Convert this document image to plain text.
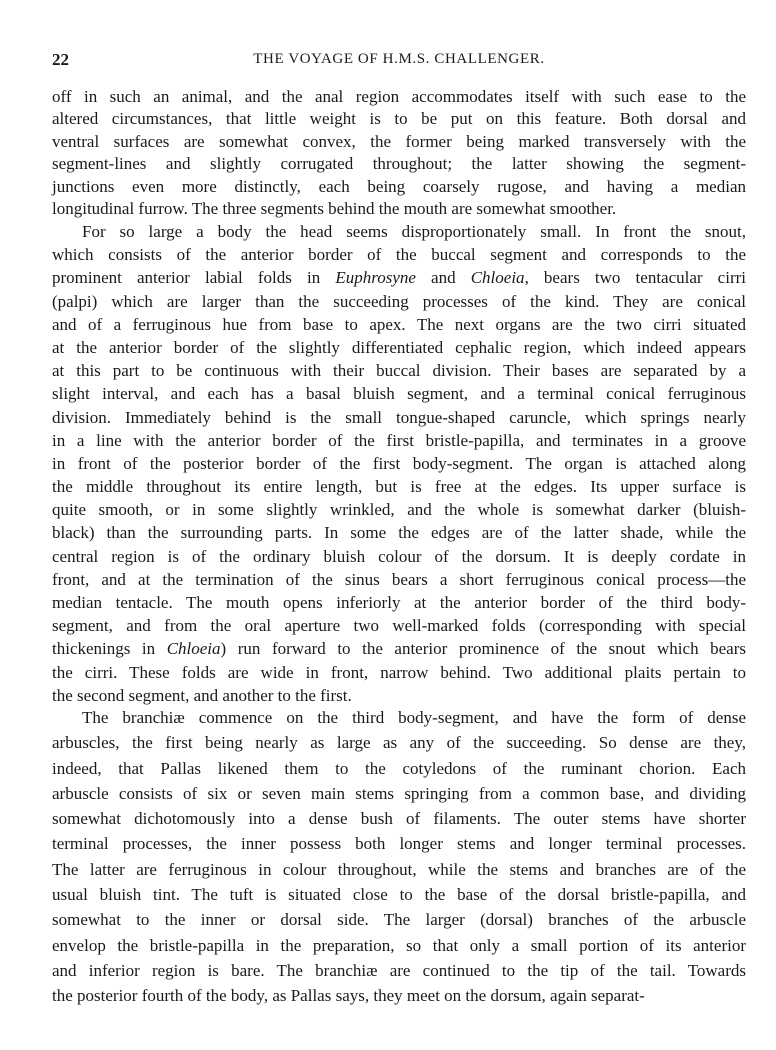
22	THE VOYAGE OF H.M.S. CHALLENGER.
off in such an animal, and the anal region accommodates itself with such ease to the
altered circumstances, that little weight is to be put on this feature. Both dorsal and
ventral surfaces are somewhat convex, the former being marked transversely with the
segment-lines and slightly corrugated throughout; the latter showing the segment-
junctions even more distinctly, each being coarsely rugose, and having a median
longitudinal furrow. The three segments behind the mouth are somewhat smoother.
For so large a body the head seems disproportionately small. In front the snout,
which consists of the anterior border of the buccal segment and corresponds to the
prominent anterior labial folds in Euphrosyne and Chloeia, bears two tentacular cirri
(palpi) which are larger than the succeeding processes of the kind. They are conical
and of a ferruginous hue from base to apex. The next organs are the two cirri situated
at the anterior border of the slightly differentiated cephalic region, which indeed appears
at this part to be continuous with their buccal division. Their bases are separated by a
slight interval, and each has a basal bluish segment, and a terminal conical ferruginous
division. Immediately behind is the small tongue-shaped caruncle, which springs nearly
in a line with the anterior border of the first bristle-papilla, and terminates in a groove
in front of the posterior border of the first body-segment. The organ is attached along
the middle throughout its entire length, but is free at the edges. Its upper surface is
quite smooth, or in some slightly wrinkled, and the whole is somewhat darker (bluish-
black) than the surrounding parts. In some the edges are of the latter shade, while the
central region is of the ordinary bluish colour of the dorsum. It is deeply cordate in
front, and at the termination of the sinus bears a short ferruginous conical process—the
median tentacle. The mouth opens inferiorly at the anterior border of the third body-
segment, and from the oral aperture two well-marked folds (corresponding with special
thickenings in Chloeia) run forward to the anterior prominence of the snout which bears
the cirri. These folds are wide in front, narrow behind. Two additional plaits pertain to
the second segment, and another to the first.
The branchiæ commence on the third body-segment, and have the form of dense
arbuscles, the first being nearly as large as any of the succeeding. So dense are they,
indeed, that Pallas likened them to the cotyledons of the ruminant chorion. Each
arbuscle consists of six or seven main stems springing from a common base, and dividing
somewhat dichotomously into a dense bush of filaments. The outer stems have shorter
terminal processes, the inner possess both longer stems and longer terminal processes.
The latter are ferruginous in colour throughout, while the stems and branches are of the
usual bluish tint. The tuft is situated close to the base of the dorsal bristle-papilla, and
somewhat to the inner or dorsal side. The larger (dorsal) branches of the arbuscle
envelop the bristle-papilla in the preparation, so that only a small portion of its anterior
and inferior region is bare. The branchiæ are continued to the tip of the tail. Towards
the posterior fourth of the body, as Pallas says, they meet on the dorsum, again separat-
